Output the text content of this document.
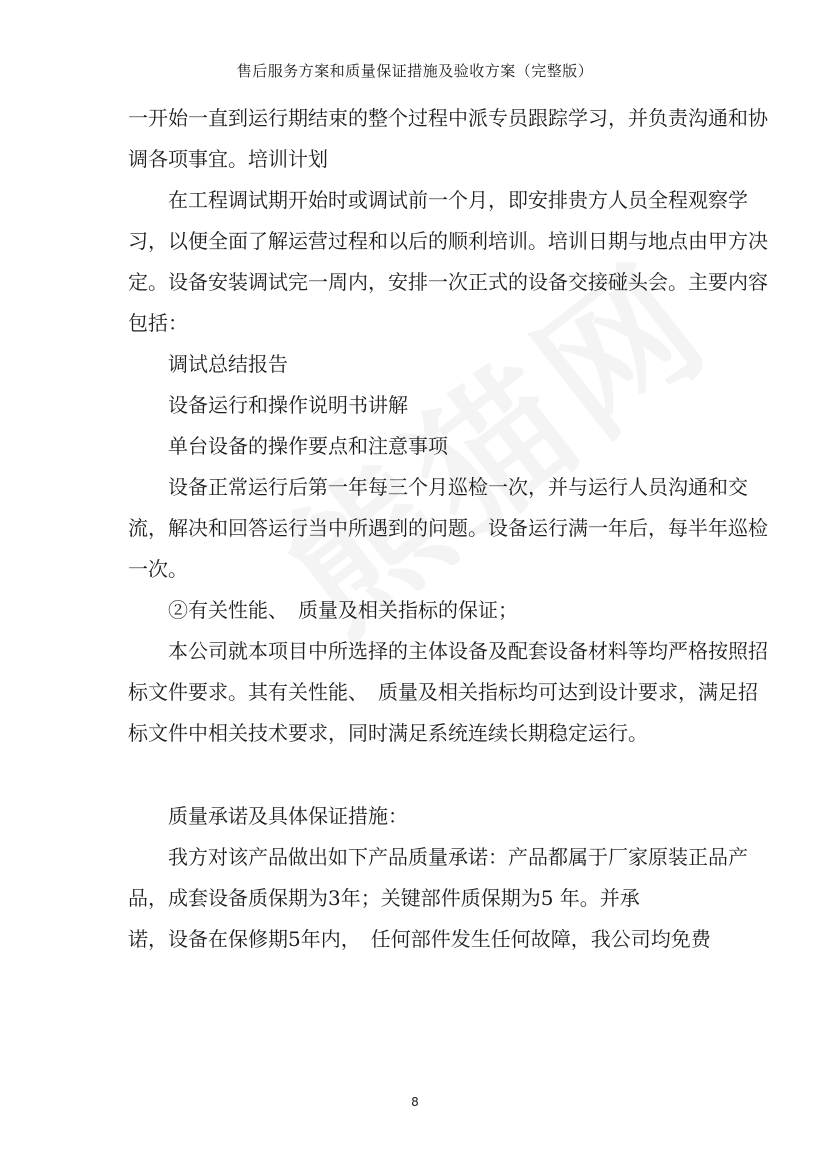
售后服务方案和质量保证措施及验收方案（完整版）

一开始一直到运行期结束的整个过程中派专员跟踪学习，并负责沟通和协调各项事宜。培训计划

在工程调试期开始时或调试前一个月，即安排贵方人员全程观察学习，以便全面了解运营过程和以后的顺利培训。培训日期与地点由甲方决定。设备安装调试完一周内，安排一次正式的设备交接碰头会。主要内容包括：

调试总结报告

设备运行和操作说明书讲解

单台设备的操作要点和注意事项

设备正常运行后第一年每三个月巡检一次，并与运行人员沟通和交流，解决和回答运行当中所遇到的问题。设备运行满一年后，每半年巡检一次。

②有关性能、　质量及相关指标的保证；

本公司就本项目中所选择的主体设备及配套设备材料等均严格按照招标文件要求。其有关性能、　质量及相关指标均可达到设计要求，满足招标文件中相关技术要求，同时满足系统连续长期稳定运行。

质量承诺及具体保证措施：

我方对该产品做出如下产品质量承诺：产品都属于厂家原装正品产品，成套设备质保期为3年；关键部件质保期为5 年。并承

诺，设备在保修期5年内，　任何部件发生任何故障，我公司均免费

8
